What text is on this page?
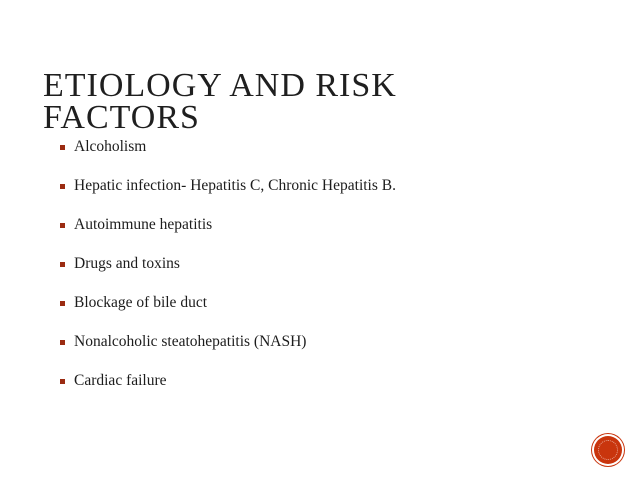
ETIOLOGY AND RISK FACTORS
Alcoholism
Hepatic infection- Hepatitis C, Chronic Hepatitis B.
Autoimmune hepatitis
Drugs and toxins
Blockage of bile duct
Nonalcoholic steatohepatitis (NASH)
Cardiac failure
